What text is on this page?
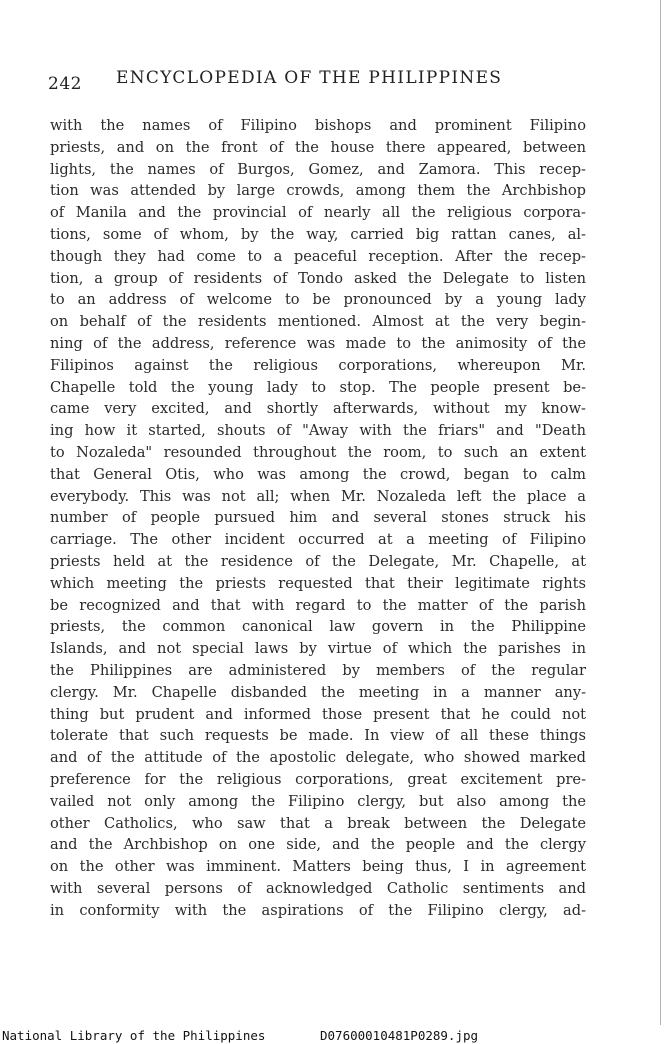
242 ENCYCLOPEDIA OF THE PHILIPPINES
with the names of Filipino bishops and prominent Filipino
priests, and on the front of the house there appeared, between
lights, the names of Burgos, Gomez, and Zamora. This recep-
tion was attended by large crowds, among them the Archbishop
of Manila and the provincial of nearly all the religious corpora-
tions, some of whom, by the way, carried big rattan canes, al-
though they had come to a peaceful reception. After the recep-
tion, a group of residents of Tondo asked the Delegate to listen
to an address of welcome to be pronounced by a young lady
on behalf of the residents mentioned. Almost at the very begin-
ning of the address, reference was made to the animosity of the
Filipinos against the religious corporations, whereupon Mr.
Chapelle told the young lady to stop. The people present be-
came very excited, and shortly afterwards, without my know-
ing how it started, shouts of "Away with the friars" and "Death
to Nozaleda" resounded throughout the room, to such an extent
that General Otis, who was among the crowd, began to calm
everybody. This was not all; when Mr. Nozaleda left the place a
number of people pursued him and several stones struck his
carriage. The other incident occurred at a meeting of Filipino
priests held at the residence of the Delegate, Mr. Chapelle, at
which meeting the priests requested that their legitimate rights
be recognized and that with regard to the matter of the parish
priests, the common canonical law govern in the Philippine
Islands, and not special laws by virtue of which the parishes in
the Philippines are administered by members of the regular
clergy. Mr. Chapelle disbanded the meeting in a manner any-
thing but prudent and informed those present that he could not
tolerate that such requests be made. In view of all these things
and of the attitude of the apostolic delegate, who showed marked
preference for the religious corporations, great excitement pre-
vailed not only among the Filipino clergy, but also among the
other Catholics, who saw that a break between the Delegate
and the Archbishop on one side, and the people and the clergy
on the other was imminent. Matters being thus, I in agreement
with several persons of acknowledged Catholic sentiments and
in conformity with the aspirations of the Filipino clergy, ad-
National Library of the Philippines	D07600010481P0289.jpg
